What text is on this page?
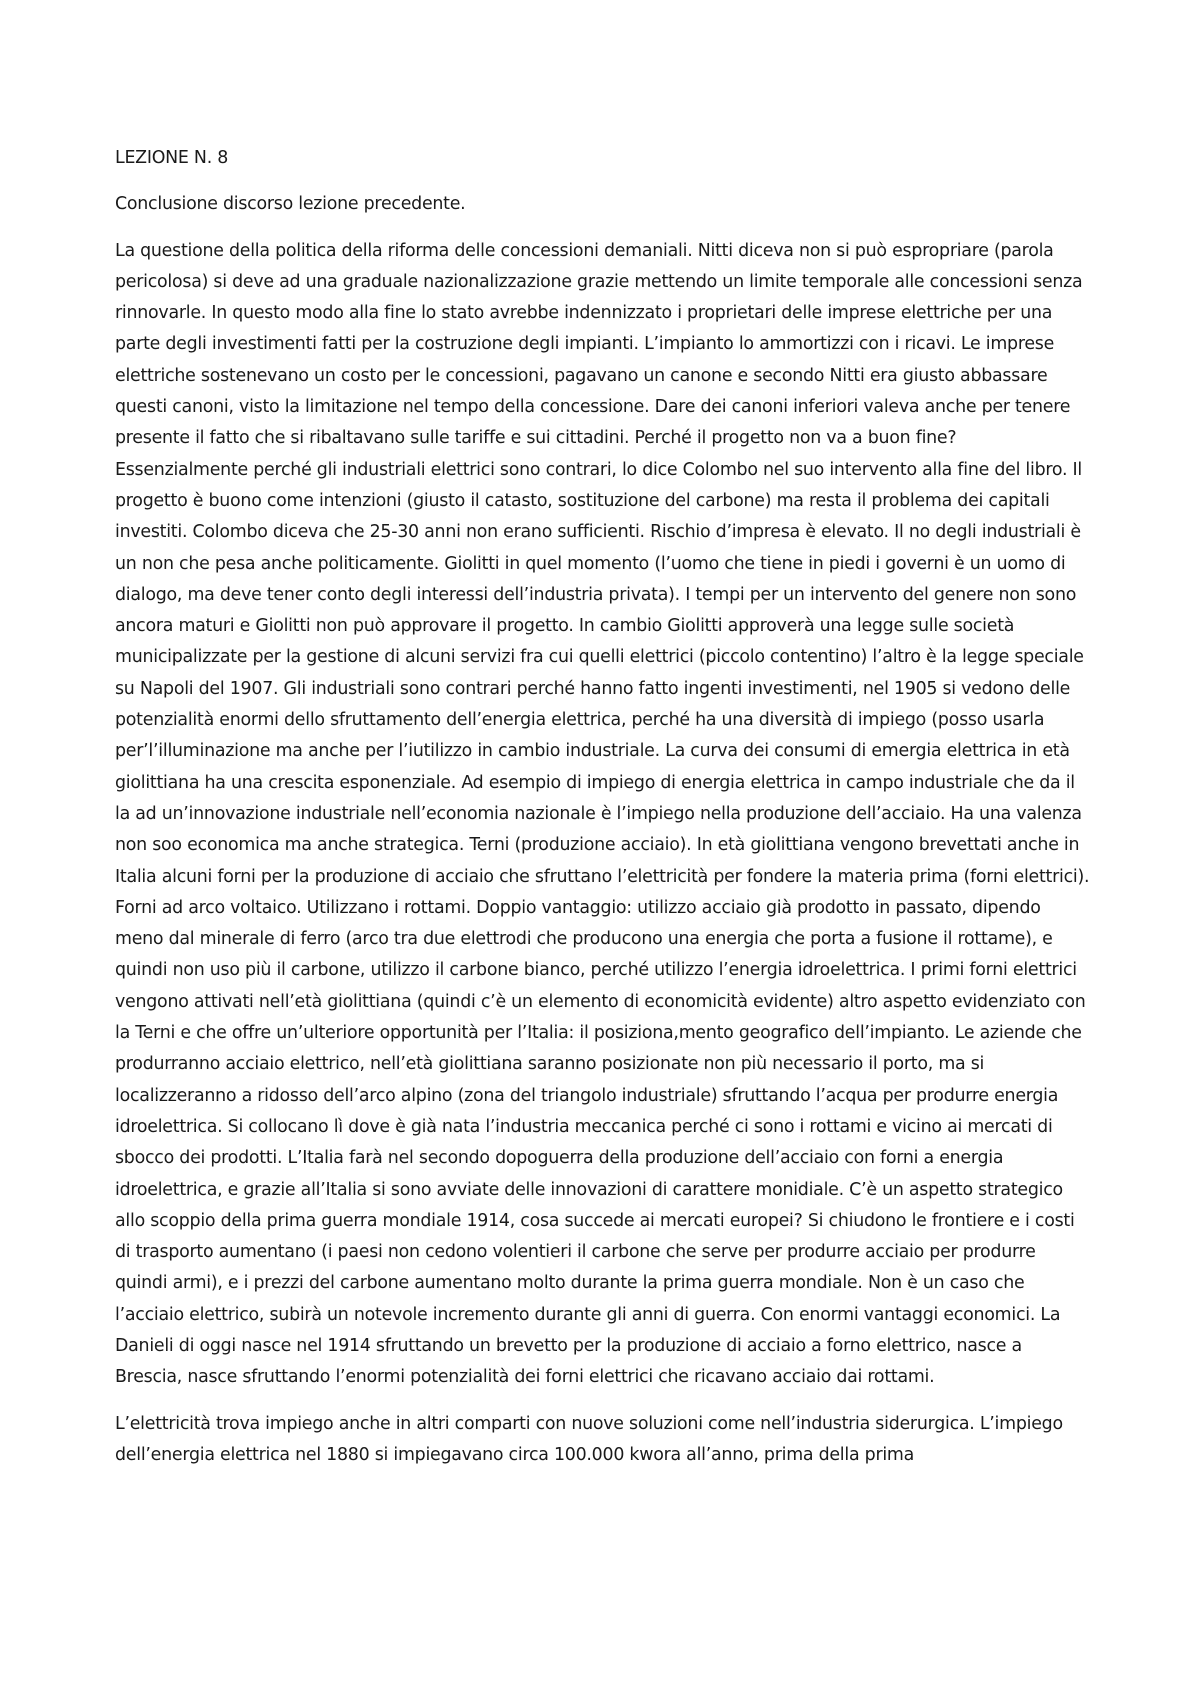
LEZIONE N. 8

Conclusione discorso lezione precedente.

La questione della politica della riforma delle concessioni demaniali. Nitti diceva non si può espropriare (parola pericolosa) si deve ad una graduale nazionalizzazione grazie mettendo un limite temporale alle concessioni senza rinnovarle. In questo modo alla fine lo stato avrebbe indennizzato i proprietari delle imprese elettriche per una parte degli investimenti fatti per la costruzione degli impianti. L’impianto lo ammortizzi con i ricavi. Le imprese elettriche sostenevano un costo per le concessioni, pagavano un canone e secondo Nitti era giusto abbassare questi canoni, visto la limitazione nel tempo della concessione. Dare dei canoni inferiori valeva anche per tenere presente il fatto che si ribaltavano sulle tariffe e sui cittadini. Perché il progetto non va a buon fine? Essenzialmente perché gli industriali elettrici sono contrari, lo dice Colombo nel suo intervento alla fine del libro. Il progetto è buono come intenzioni (giusto il catasto, sostituzione del carbone) ma resta il problema dei capitali investiti. Colombo diceva che 25-30 anni non erano sufficienti. Rischio d’impresa è elevato. Il no degli industriali è un non che pesa anche politicamente. Giolitti in quel momento (l’uomo che tiene in piedi i governi è un uomo di dialogo, ma deve tener conto degli interessi dell’industria privata). I tempi per un intervento del genere non sono ancora maturi e Giolitti non può approvare il progetto. In cambio Giolitti approverà una legge sulle società municipalizzate per la gestione di alcuni servizi fra cui quelli elettrici (piccolo contentino) l’altro è la legge speciale su Napoli del 1907. Gli industriali sono contrari perché hanno fatto ingenti investimenti, nel 1905 si vedono delle potenzialità enormi dello sfruttamento dell’energia elettrica, perché ha una diversità di impiego (posso usarla per’l’illuminazione ma anche per l’iutilizzo in cambio industriale. La curva dei consumi di emergia elettrica in età giolittiana ha una crescita esponenziale. Ad esempio di impiego di energia elettrica in campo industriale che da il la ad un’innovazione industriale nell’economia nazionale è l’impiego nella produzione dell’acciaio. Ha una valenza non soo economica ma anche strategica. Terni (produzione acciaio). In età giolittiana vengono brevettati anche in Italia alcuni forni per la produzione di acciaio che sfruttano l’elettricità per fondere la materia prima (forni elettrici). Forni ad arco voltaico. Utilizzano i rottami. Doppio vantaggio: utilizzo acciaio già prodotto in passato, dipendo meno dal minerale di ferro (arco tra due elettrodi che producono una energia che porta a fusione il rottame), e quindi non uso più il carbone, utilizzo il carbone bianco, perché utilizzo l’energia idroelettrica. I primi forni elettrici vengono attivati nell’età giolittiana (quindi c’è un elemento di economicità evidente) altro aspetto evidenziato con la Terni e che offre un’ulteriore opportunità per l’Italia: il posiziona,mento geografico dell’impianto. Le aziende che produrranno acciaio elettrico, nell’età giolittiana saranno posizionate non più necessario il porto, ma si localizzeranno a ridosso dell’arco alpino (zona del triangolo industriale) sfruttando l’acqua per produrre energia idroelettrica. Si collocano lì dove è già nata l’industria meccanica perché ci sono i rottami e vicino ai mercati di sbocco dei prodotti. L’Italia farà nel secondo dopoguerra della produzione dell’acciaio con forni a energia idroelettrica, e grazie all’Italia si sono avviate delle innovazioni di carattere monidiale. C’è un aspetto strategico allo scoppio della prima guerra mondiale 1914, cosa succede ai mercati europei? Si chiudono le frontiere e i costi di trasporto aumentano (i paesi non cedono volentieri il carbone che serve per produrre acciaio per produrre quindi armi), e i prezzi del carbone aumentano molto durante la prima guerra mondiale. Non è un caso che l’acciaio elettrico, subirà un notevole incremento durante gli anni di guerra. Con enormi vantaggi economici. La Danieli di oggi nasce nel 1914 sfruttando un brevetto per la produzione di acciaio a forno elettrico, nasce a Brescia, nasce sfruttando l’enormi potenzialità dei forni elettrici che ricavano acciaio dai rottami.

L’elettricità trova impiego anche in altri comparti con nuove soluzioni come nell’industria siderurgica. L’impiego dell’energia elettrica nel 1880 si impiegavano circa 100.000 kwora all’anno, prima della prima
